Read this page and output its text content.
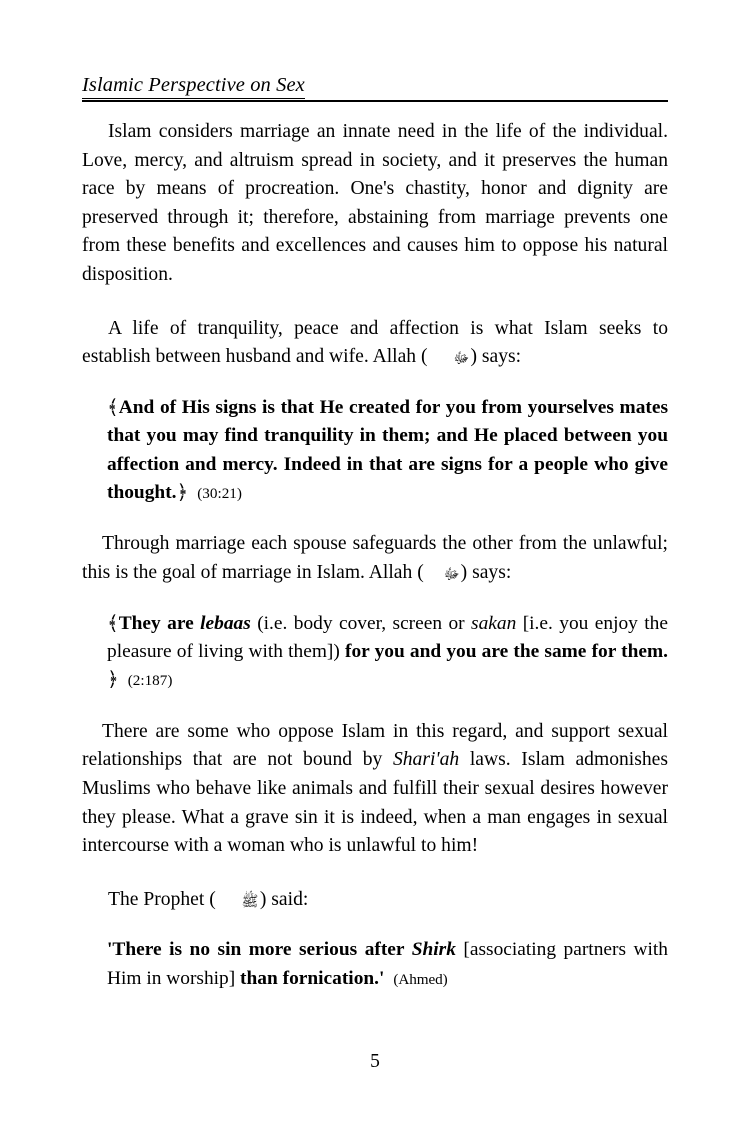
Islamic Perspective on Sex

Islam considers marriage an innate need in the life of the individual. Love, mercy, and altruism spread in society, and it preserves the human race by means of procreation. One's chastity, honor and dignity are preserved through it; therefore, abstaining from marriage prevents one from these benefits and excellences and causes him to oppose his natural disposition.

A life of tranquility, peace and affection is what Islam seeks to establish between husband and wife. Allah ( ﷻ) says:

﴾And of His signs is that He created for you from yourselves mates that you may find tranquility in them; and He placed between you affection and mercy. Indeed in that are signs for a people who give thought.﴿ (30:21)

Through marriage each spouse safeguards the other from the unlawful; this is the goal of marriage in Islam. Allah ( ﷻ) says:

﴾They are lebaas (i.e. body cover, screen or sakan [i.e. you enjoy the pleasure of living with them]) for you and you are the same for them.﴿ (2:187)

There are some who oppose Islam in this regard, and support sexual relationships that are not bound by Shari'ah laws. Islam admonishes Muslims who behave like animals and fulfill their sexual desires however they please. What a grave sin it is indeed, when a man engages in sexual intercourse with a woman who is unlawful to him!

The Prophet ( ﷺ) said:

'There is no sin more serious after Shirk [associating partners with Him in worship] than fornication.' (Ahmed)

5
